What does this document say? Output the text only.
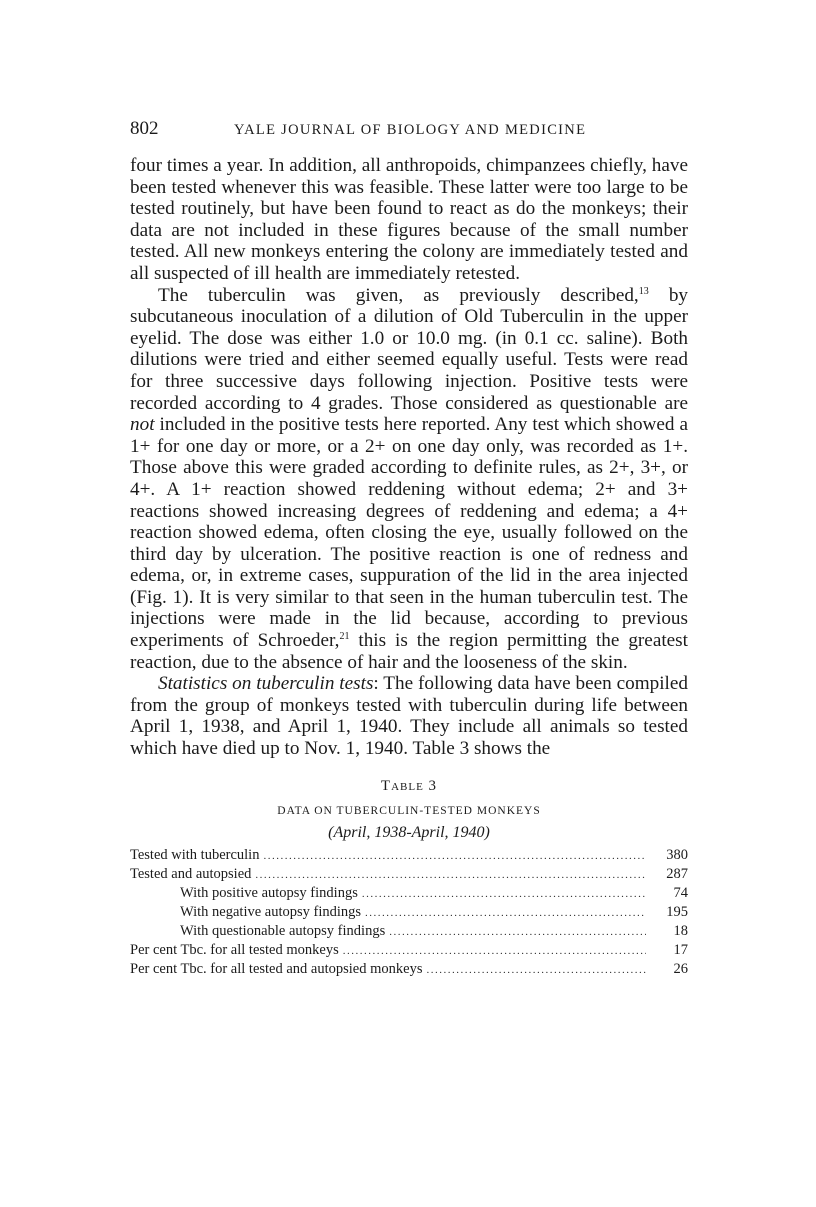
802	YALE JOURNAL OF BIOLOGY AND MEDICINE

four times a year. In addition, all anthropoids, chimpanzees chiefly, have been tested whenever this was feasible. These latter were too large to be tested routinely, but have been found to react as do the monkeys; their data are not included in these figures because of the small number tested. All new monkeys entering the colony are immediately tested and all suspected of ill health are immediately retested.

The tuberculin was given, as previously described,$^{13}$ by subcutaneous inoculation of a dilution of Old Tuberculin in the upper eyelid. The dose was either 1.0 or 10.0 mg. (in 0.1 cc. saline). Both dilutions were tried and either seemed equally useful. Tests were read for three successive days following injection. Positive tests were recorded according to 4 grades. Those considered as questionable are not included in the positive tests here reported. Any test which showed a 1+ for one day or more, or a 2+ on one day only, was recorded as 1+. Those above this were graded according to definite rules, as 2+, 3+, or 4+. A 1+ reaction showed reddening without edema; 2+ and 3+ reactions showed increasing degrees of reddening and edema; a 4+ reaction showed edema, often closing the eye, usually followed on the third day by ulceration. The positive reaction is one of redness and edema, or, in extreme cases, suppuration of the lid in the area injected (Fig. 1). It is very similar to that seen in the human tuberculin test. The injections were made in the lid because, according to previous experiments of Schroeder,$^{21}$ this is the region permitting the greatest reaction, due to the absence of hair and the looseness of the skin.

Statistics on tuberculin tests: The following data have been compiled from the group of monkeys tested with tuberculin during life between April 1, 1938, and April 1, 1940. They include all animals so tested which have died up to Nov. 1, 1940. Table 3 shows the

Table 3
DATA ON TUBERCULIN-TESTED MONKEYS
(April, 1938-April, 1940)
Tested with tuberculin .....	380
Tested and autopsied .....	287
With positive autopsy findings .....	74
With negative autopsy findings .....	195
With questionable autopsy findings .....	18
Per cent Tbc. for all tested monkeys .....	17
Per cent Tbc. for all tested and autopsied monkeys .....	26
